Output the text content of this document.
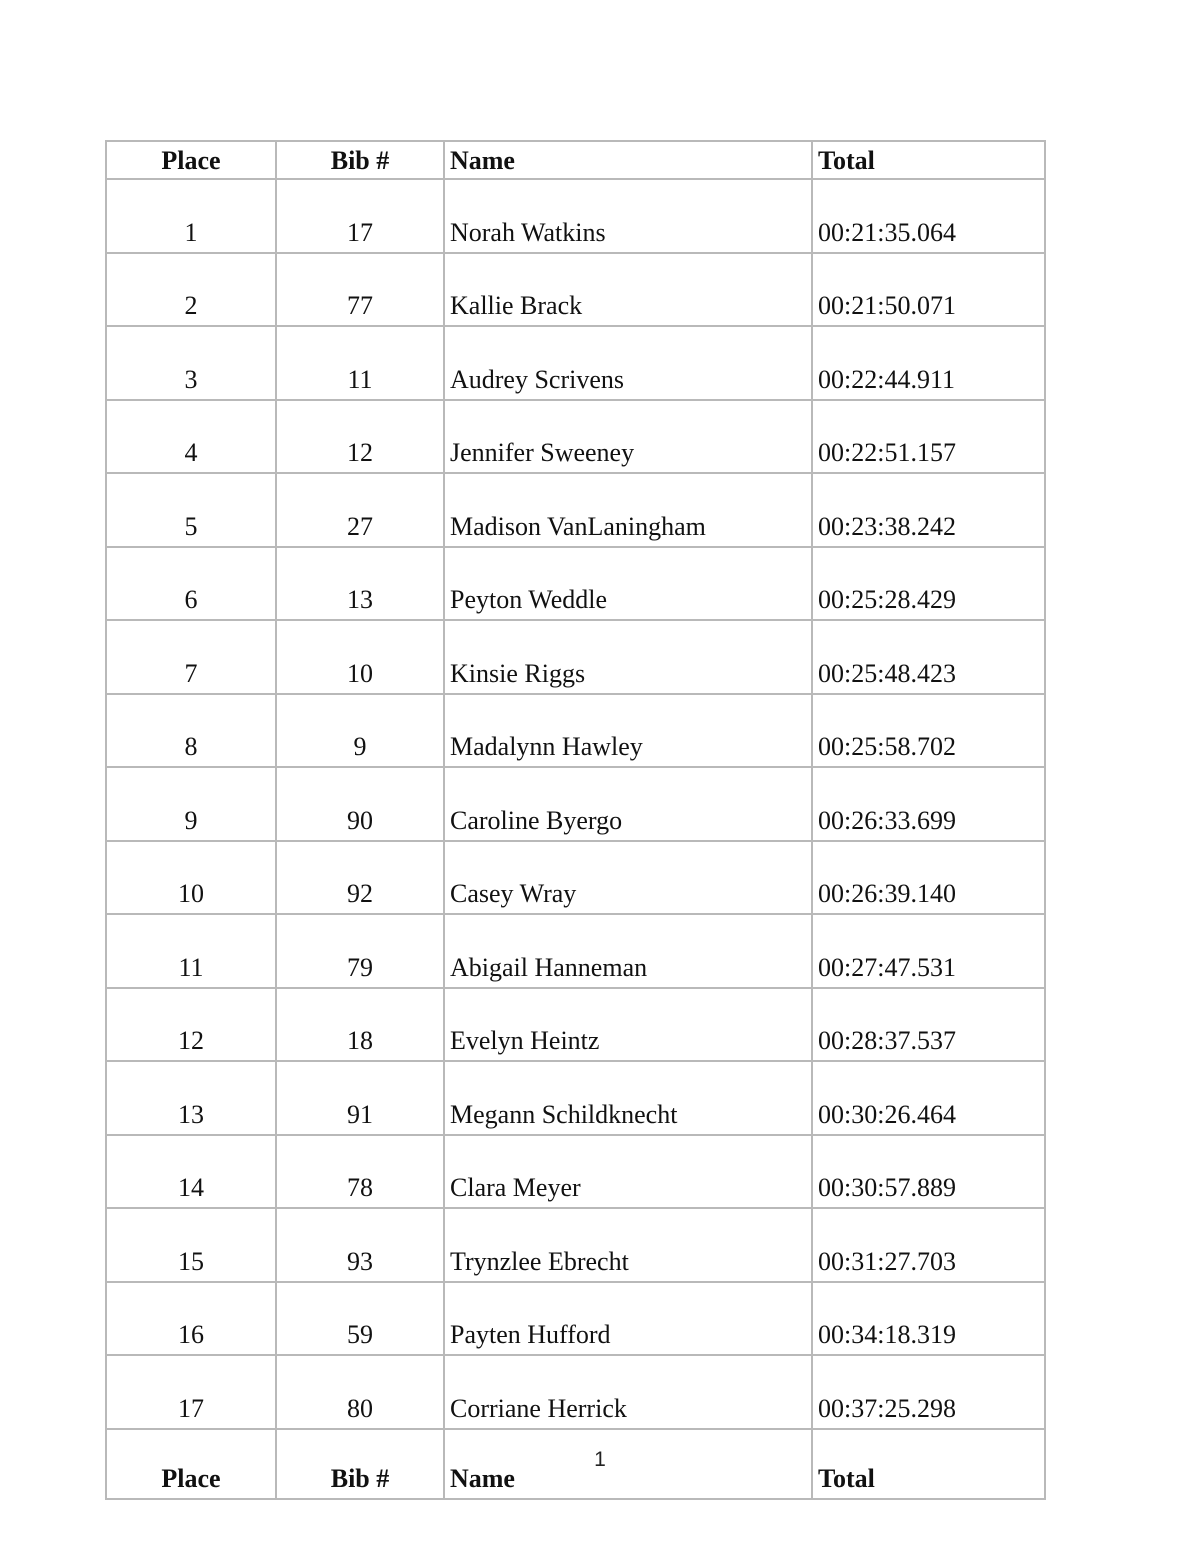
Place	Bib #	Name	Total
1	17	Norah Watkins	00:21:35.064
2	77	Kallie Brack	00:21:50.071
3	11	Audrey Scrivens	00:22:44.911
4	12	Jennifer Sweeney	00:22:51.157
5	27	Madison VanLaningham	00:23:38.242
6	13	Peyton Weddle	00:25:28.429
7	10	Kinsie Riggs	00:25:48.423
8	9	Madalynn Hawley	00:25:58.702
9	90	Caroline Byergo	00:26:33.699
10	92	Casey Wray	00:26:39.140
11	79	Abigail Hanneman	00:27:47.531
12	18	Evelyn Heintz	00:28:37.537
13	91	Megann Schildknecht	00:30:26.464
14	78	Clara Meyer	00:30:57.889
15	93	Trynzlee Ebrecht	00:31:27.703
16	59	Payten Hufford	00:34:18.319
17	80	Corriane Herrick	00:37:25.298
Place	Bib #	Name	Total
1
